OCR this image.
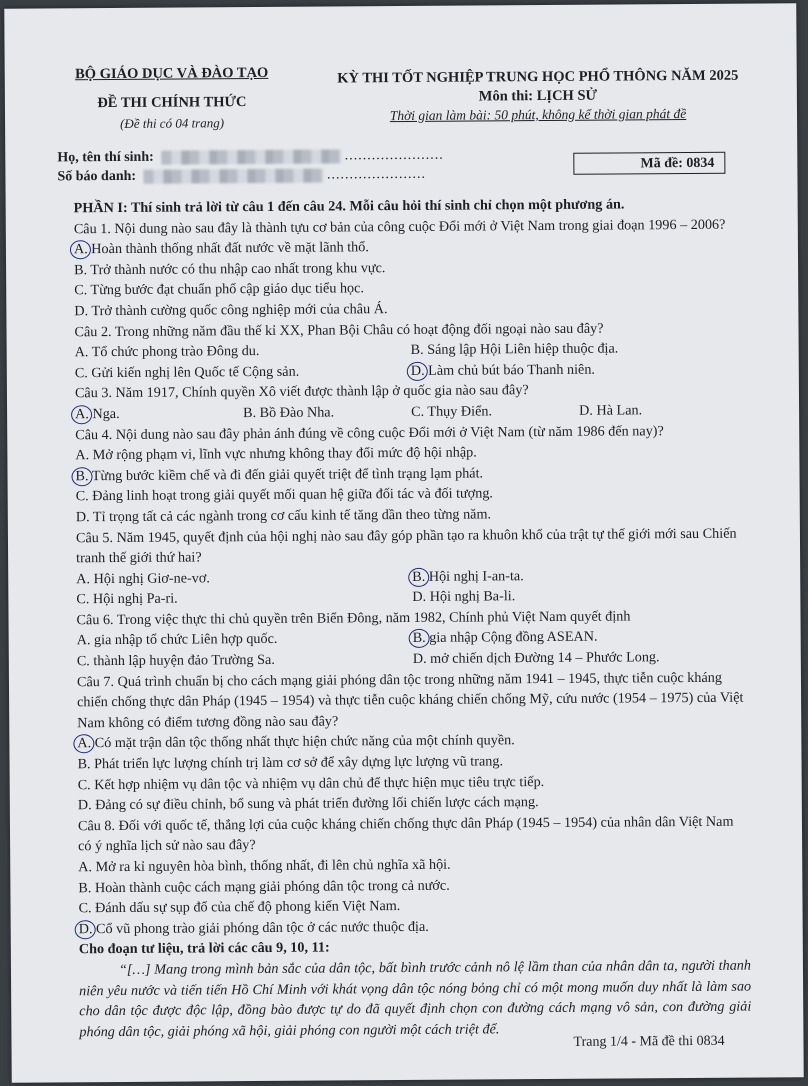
BỘ GIÁO DỤC VÀ ĐÀO TẠO
ĐỀ THI CHÍNH THỨC
(Đề thi có 04 trang)
KỲ THI TỐT NGHIỆP TRUNG HỌC PHỔ THÔNG NĂM 2025
Môn thi: LỊCH SỬ
Thời gian làm bài: 50 phút, không kể thời gian phát đề
Họ, tên thí sinh:	......................
Số báo danh:	......................
Mã đề: 0834

PHẦN I: Thí sinh trả lời từ câu 1 đến câu 24. Mỗi câu hỏi thí sinh chỉ chọn một phương án.

Câu 1. Nội dung nào sau đây là thành tựu cơ bản của công cuộc Đổi mới ở Việt Nam trong giai đoạn 1996 – 2006?

A. Hoàn thành thống nhất đất nước về mặt lãnh thổ.

B. Trở thành nước có thu nhập cao nhất trong khu vực.

C. Từng bước đạt chuẩn phổ cập giáo dục tiểu học.

D. Trở thành cường quốc công nghiệp mới của châu Á.

Câu 2. Trong những năm đầu thế kỉ XX, Phan Bội Châu có hoạt động đối ngoại nào sau đây?

A. Tổ chức phong trào Đông du.	B. Sáng lập Hội Liên hiệp thuộc địa.
C. Gửi kiến nghị lên Quốc tế Cộng sản.	D. Làm chủ bút báo Thanh niên.

Câu 3. Năm 1917, Chính quyền Xô viết được thành lập ở quốc gia nào sau đây?

A. Nga.	B. Bồ Đào Nha.	C. Thụy Điển.	D. Hà Lan.

Câu 4. Nội dung nào sau đây phản ánh đúng về công cuộc Đổi mới ở Việt Nam (từ năm 1986 đến nay)?

A. Mở rộng phạm vi, lĩnh vực nhưng không thay đổi mức độ hội nhập.

B. Từng bước kiềm chế và đi đến giải quyết triệt để tình trạng lạm phát.

C. Đảng linh hoạt trong giải quyết mối quan hệ giữa đối tác và đối tượng.

D. Tỉ trọng tất cả các ngành trong cơ cấu kinh tế tăng dần theo từng năm.

Câu 5. Năm 1945, quyết định của hội nghị nào sau đây góp phần tạo ra khuôn khổ của trật tự thế giới mới sau Chiến tranh thế giới thứ hai?

A. Hội nghị Giơ-ne-vơ.	B. Hội nghị I-an-ta.
C. Hội nghị Pa-ri.	D. Hội nghị Ba-li.

Câu 6. Trong việc thực thi chủ quyền trên Biển Đông, năm 1982, Chính phủ Việt Nam quyết định

A. gia nhập tổ chức Liên hợp quốc.	B. gia nhập Cộng đồng ASEAN.
C. thành lập huyện đảo Trường Sa.	D. mở chiến dịch Đường 14 – Phước Long.

Câu 7. Quá trình chuẩn bị cho cách mạng giải phóng dân tộc trong những năm 1941 – 1945, thực tiễn cuộc kháng chiến chống thực dân Pháp (1945 – 1954) và thực tiễn cuộc kháng chiến chống Mỹ, cứu nước (1954 – 1975) của Việt Nam không có điểm tương đồng nào sau đây?

A. Có mặt trận dân tộc thống nhất thực hiện chức năng của một chính quyền.

B. Phát triển lực lượng chính trị làm cơ sở để xây dựng lực lượng vũ trang.

C. Kết hợp nhiệm vụ dân tộc và nhiệm vụ dân chủ để thực hiện mục tiêu trực tiếp.

D. Đảng có sự điều chỉnh, bổ sung và phát triển đường lối chiến lược cách mạng.

Câu 8. Đối với quốc tế, thắng lợi của cuộc kháng chiến chống thực dân Pháp (1945 – 1954) của nhân dân Việt Nam có ý nghĩa lịch sử nào sau đây?

A. Mở ra kỉ nguyên hòa bình, thống nhất, đi lên chủ nghĩa xã hội.

B. Hoàn thành cuộc cách mạng giải phóng dân tộc trong cả nước.

C. Đánh dấu sự sụp đổ của chế độ phong kiến Việt Nam.

D. Cổ vũ phong trào giải phóng dân tộc ở các nước thuộc địa.

Cho đoạn tư liệu, trả lời các câu 9, 10, 11:

“[…] Mang trong mình bản sắc của dân tộc, bất bình trước cảnh nô lệ lầm than của nhân dân ta, người thanh niên yêu nước và tiến tiến Hồ Chí Minh với khát vọng dân tộc nóng bỏng chỉ có một mong muốn duy nhất là làm sao cho dân tộc được độc lập, đồng bào được tự do đã quyết định chọn con đường cách mạng vô sản, con đường giải phóng dân tộc, giải phóng xã hội, giải phóng con người một cách triệt để.

Trang 1/4 - Mã đề thi 0834
